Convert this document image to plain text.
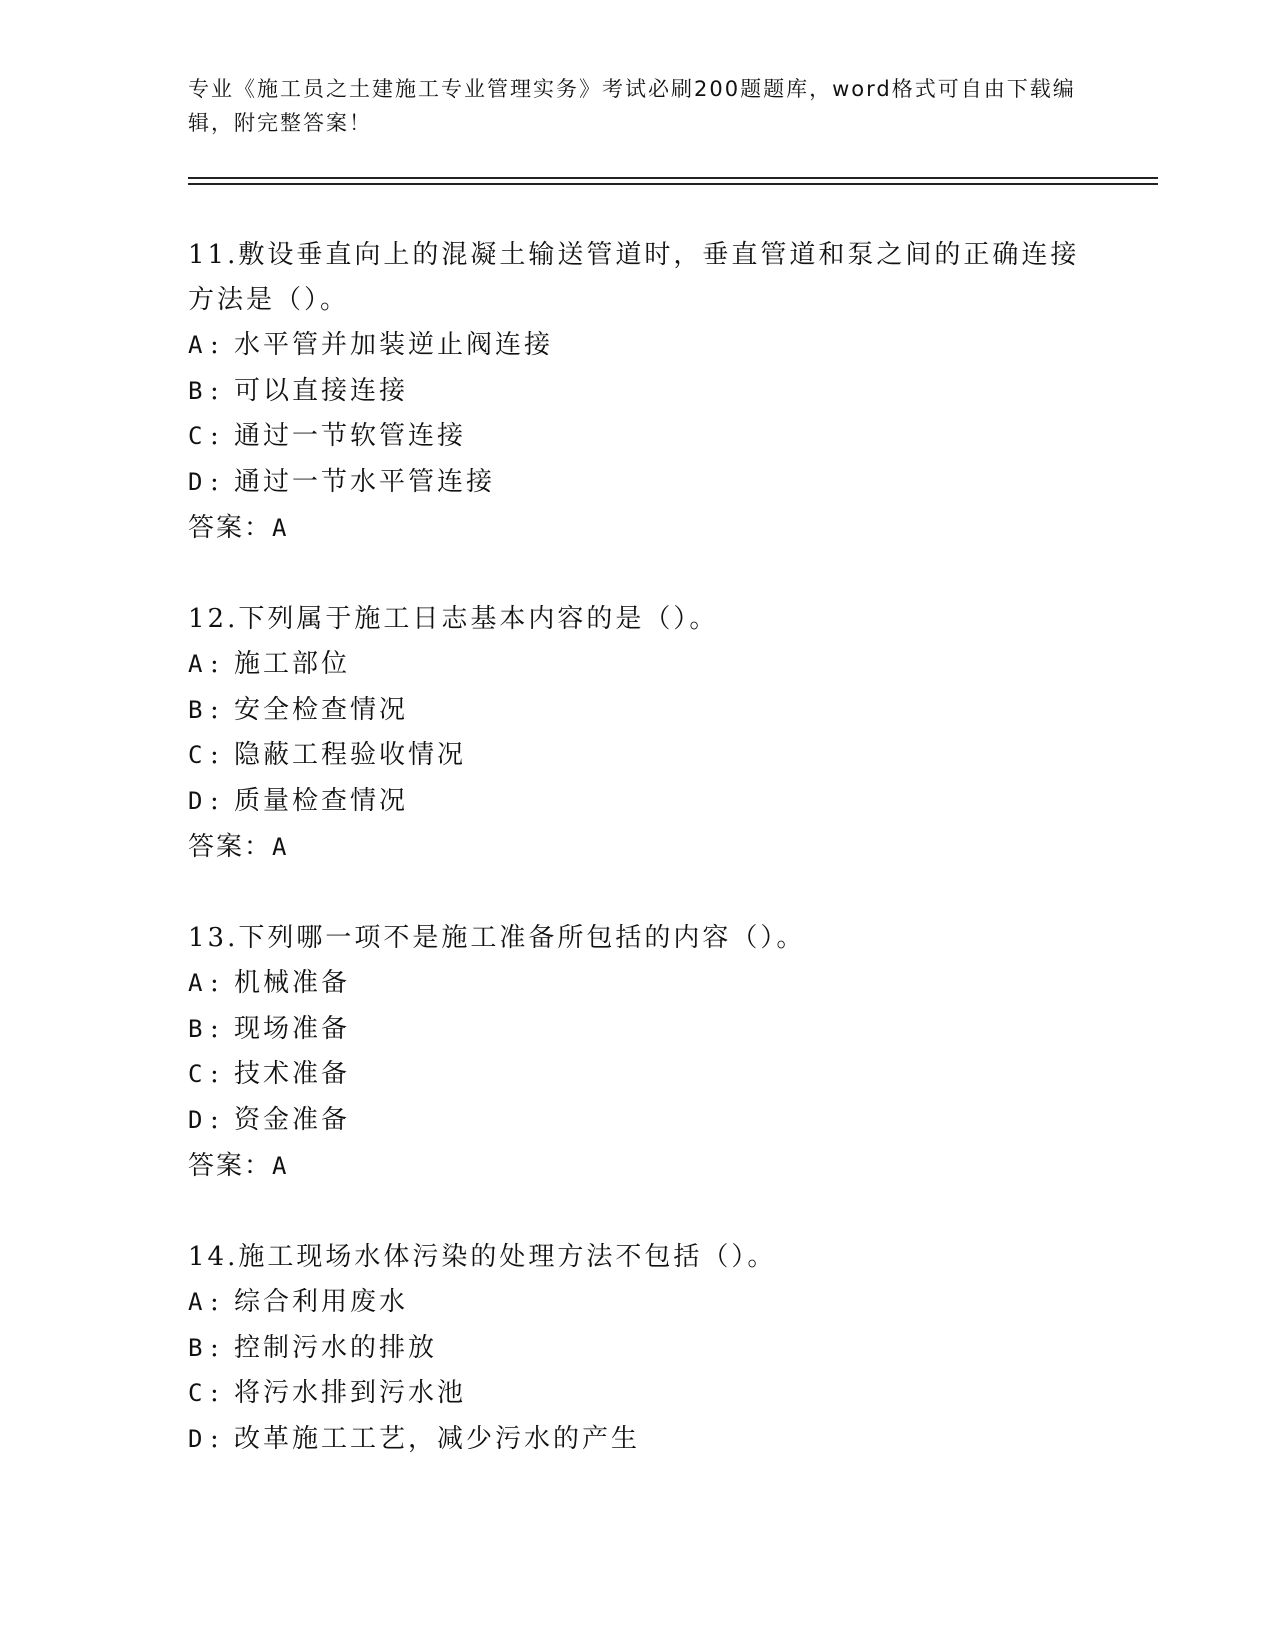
专业《施工员之土建施工专业管理实务》考试必刷200题题库，word格式可自由下载编辑，附完整答案！

11.敷设垂直向上的混凝土输送管道时，垂直管道和泵之间的正确连接方法是（）。

A : 水平管并加装逆止阀连接
B : 可以直接连接
C : 通过一节软管连接
D : 通过一节水平管连接
答案：A

12.下列属于施工日志基本内容的是（）。

A : 施工部位
B : 安全检查情况
C : 隐蔽工程验收情况
D : 质量检查情况
答案：A

13.下列哪一项不是施工准备所包括的内容（）。

A : 机械准备
B : 现场准备
C : 技术准备
D : 资金准备
答案：A

14.施工现场水体污染的处理方法不包括（）。

A : 综合利用废水
B : 控制污水的排放
C : 将污水排到污水池
D : 改革施工工艺，减少污水的产生
